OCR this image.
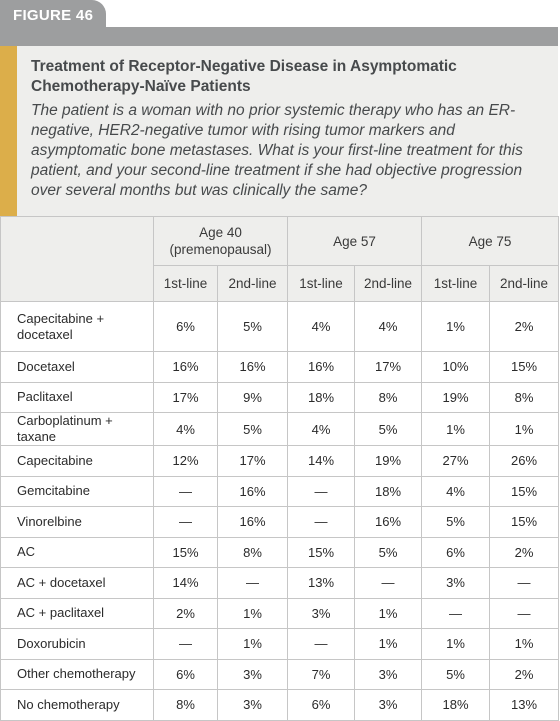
FIGURE 46

Treatment of Receptor-Negative Disease in Asymptomatic
Chemotherapy-Naïve Patients

The patient is a woman with no prior systemic therapy who has an ER-negative, HER2-negative tumor with rising tumor markers and asymptomatic bone metastases. What is your first-line treatment for this patient, and your second-line treatment if she had objective progression over several months but was clinically the same?
	Age 40
(premenopausal)		Age 57		Age 75	
	1st-line	2nd-line	1st-line	2nd-line	1st-line	2nd-line
Capecitabine +
docetaxel	6%	5%	4%	4%	1%	2%
Docetaxel	16%	16%	16%	17%	10%	15%
Paclitaxel	17%	9%	18%	8%	19%	8%
Carboplatinum + taxane	4%	5%	4%	5%	1%	1%
Capecitabine	12%	17%	14%	19%	27%	26%
Gemcitabine	—	16%	—	18%	4%	15%
Vinorelbine	—	16%	—	16%	5%	15%
AC	15%	8%	15%	5%	6%	2%
AC + docetaxel	14%	—	13%	—	3%	—
AC + paclitaxel	2%	1%	3%	1%	—	—
Doxorubicin	—	1%	—	1%	1%	1%
Other chemotherapy	6%	3%	7%	3%	5%	2%
No chemotherapy	8%	3%	6%	3%	18%	13%
